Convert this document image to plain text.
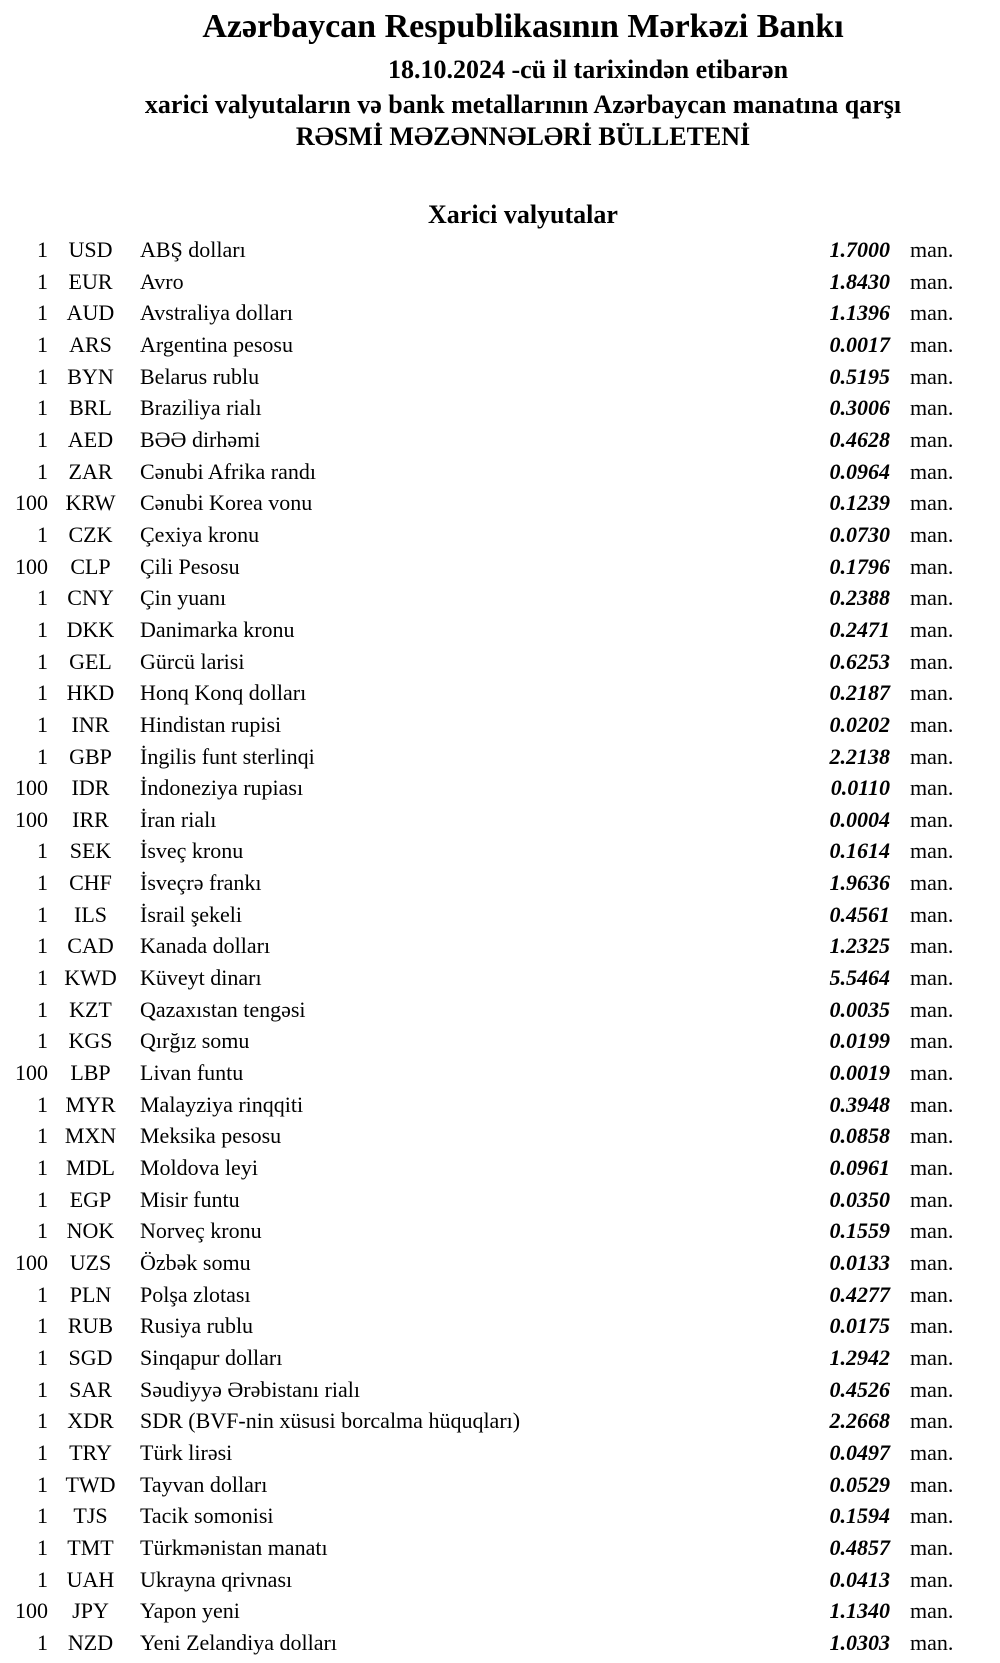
Azərbaycan Respublikasının Mərkəzi Bankı
18.10.2024 -cü il tarixindən etibarən
xarici valyutaların və bank metallarının Azərbaycan manatına qarşı
RƏSMİ MƏZƏNNƏLƏRİ BÜLLETENİ
Xarici valyutalar
1 USD	ABŞ dolları	1.7000 man.
1 EUR	Avro	1.8430 man.
1 AUD	Avstraliya dolları	1.1396 man.
1 ARS	Argentina pesosu	0.0017 man.
1 BYN	Belarus rublu	0.5195 man.
1 BRL	Braziliya rialı	0.3006 man.
1 AED	BƏƏ dirhəmi	0.4628 man.
1 ZAR	Cənubi Afrika randı	0.0964 man.
100 KRW	Cənubi Korea vonu	0.1239 man.
1 CZK	Çexiya kronu	0.0730 man.
100	CLP	Çili Pesosu	0.1796 man.
1 CNY	Çin yuanı	0.2388 man.
1 DKK	Danimarka kronu	0.2471 man.
1 GEL	Gürcü larisi	0.6253 man.
1 HKD	Honq Konq dolları	0.2187 man.
1	INR	Hindistan rupisi	0.0202 man.
1 GBP	İngilis funt sterlinqi	2.2138 man.
100	IDR	İndoneziya rupiası	0.0110 man.
100	IRR	İran rialı	0.0004 man.
1 SEK	İsveç kronu	0.1614 man.
1 CHF	İsveçrə frankı	1.9636 man.
1	ILS	İsrail şekeli	0.4561 man.
1 CAD	Kanada dolları	1.2325 man.
1 KWD	Küveyt dinarı	5.5464 man.
1 KZT	Qazaxıstan tengəsi	0.0035 man.
1 KGS	Qırğız somu	0.0199 man.
100	LBP	Livan funtu	0.0019 man.
1 MYR	Malayziya rinqqiti	0.3948 man.
1 MXN	Meksika pesosu	0.0858 man.
1 MDL	Moldova leyi	0.0961 man.
1 EGP	Misir funtu	0.0350 man.
1 NOK	Norveç kronu	0.1559 man.
100 UZS	Özbək somu	0.0133 man.
1 PLN	Polşa zlotası	0.4277 man.
1 RUB	Rusiya rublu	0.0175 man.
1 SGD	Sinqapur dolları	1.2942 man.
1 SAR	Səudiyyə Ərəbistanı rialı	0.4526 man.
1 XDR	SDR (BVF-nin xüsusi borcalma hüquqları)	2.2668 man.
1 TRY	Türk lirəsi	0.0497 man.
1 TWD	Tayvan dolları	0.0529 man.
1	TJS	Tacik somonisi	0.1594 man.
1 TMT	Türkmənistan manatı	0.4857 man.
1 UAH	Ukrayna qrivnası	0.0413 man.
100	JPY	Yapon yeni	1.1340 man.
1 NZD	Yeni Zelandiya dolları	1.0303 man.
